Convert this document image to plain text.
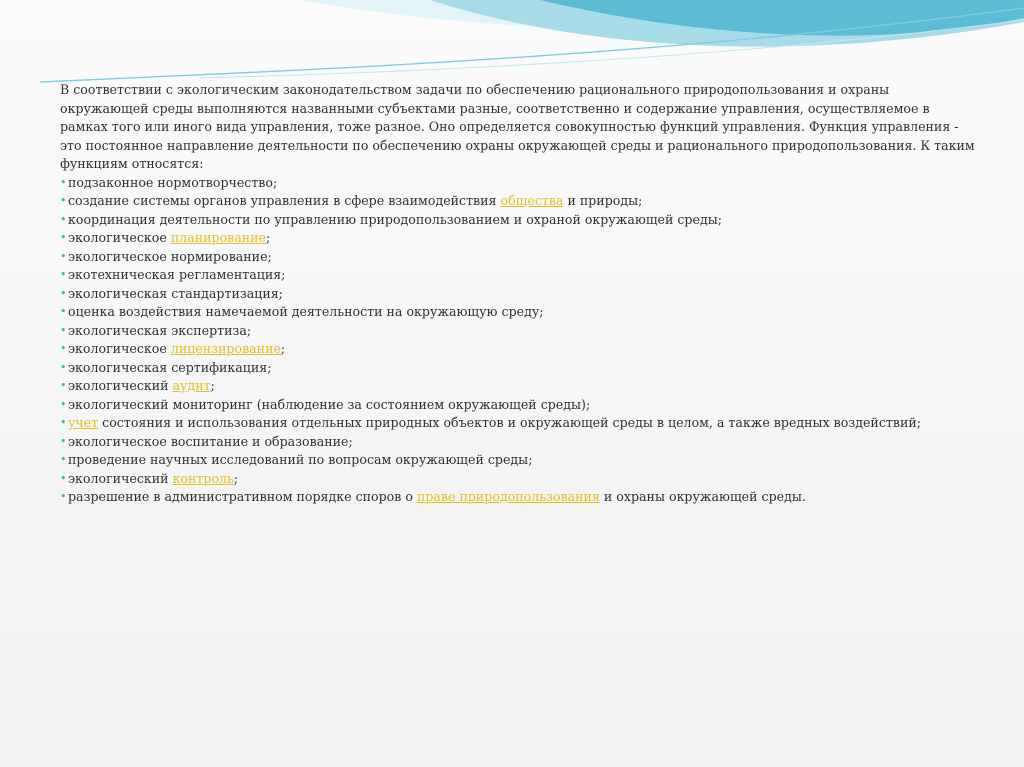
В соответствии с экологическим законодательством задачи по обеспечению рационального природопользования и охраны окружающей среды выполняются названными субъектами разные, соответственно и содержание управления, осуществляемое в рамках того или иного вида управления, тоже разное. Оно определяется совокупностью функций управления. Функция управления - это постоянное направление деятельности по обеспечению охраны окружающей среды и рационального природопользования. К таким функциям относятся:

• подзаконное нормотворчество;
• создание системы органов управления в сфере взаимодействия общества и природы;
• координация деятельности по управлению природопользованием и охраной окружающей среды;
• экологическое планирование;
• экологическое нормирование;
• экотехническая регламентация;
• экологическая стандартизация;
• оценка воздействия намечаемой деятельности на окружающую среду;
• экологическая экспертиза;
• экологическое лицензирование;
• экологическая сертификация;
• экологический аудит;
• экологический мониторинг (наблюдение за состоянием окружающей среды);
• учет состояния и использования отдельных природных объектов и окружающей среды в целом, а также вредных воздействий;
• экологическое воспитание и образование;
• проведение научных исследований по вопросам окружающей среды;
• экологический контроль;
• разрешение в административном порядке споров о праве природопользования и охраны окружающей среды.
